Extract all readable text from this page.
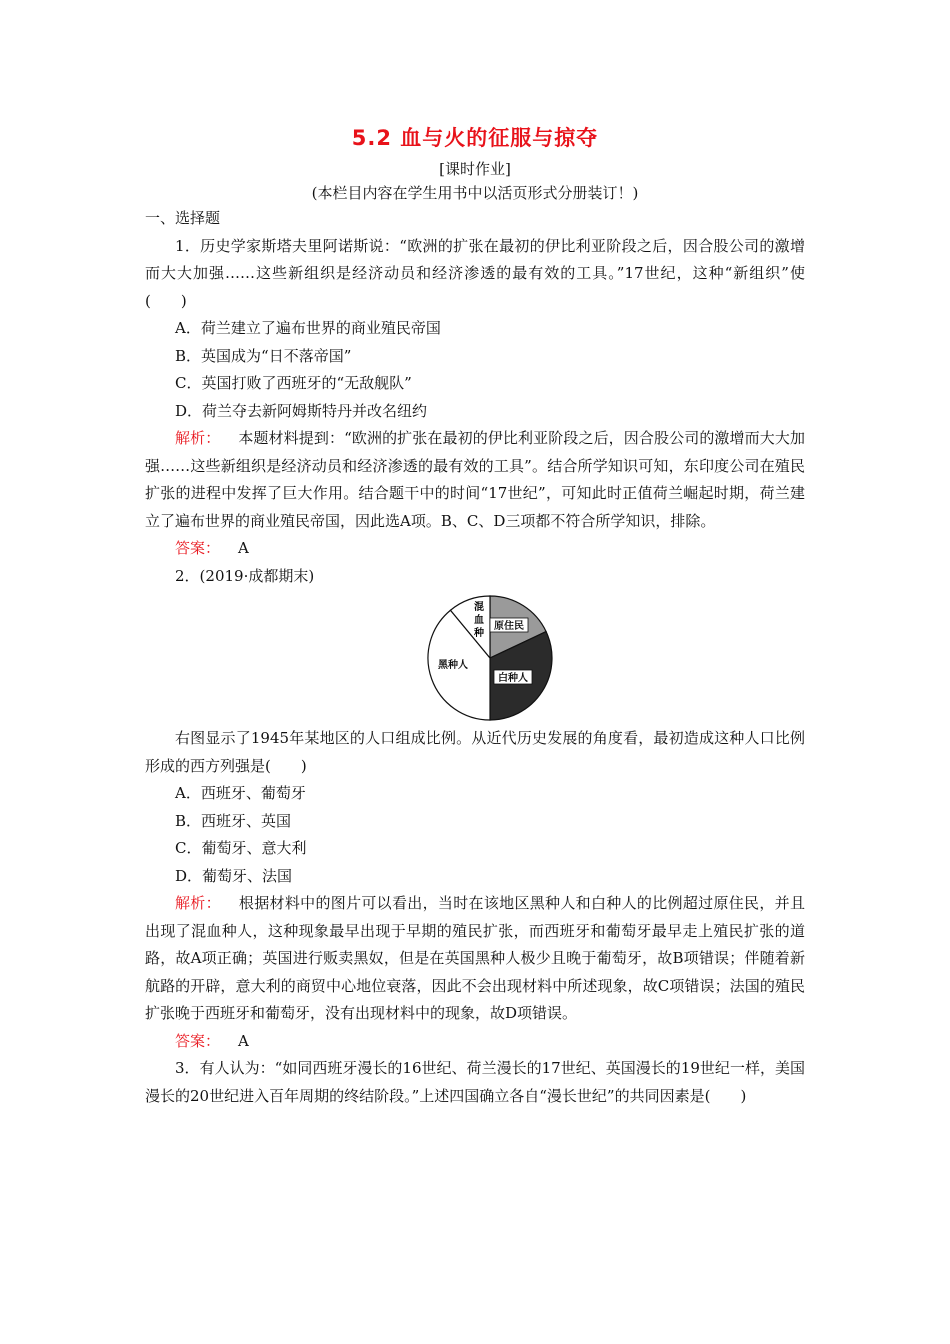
5.2 血与火的征服与掠夺
[课时作业]
(本栏目内容在学生用书中以活页形式分册装订！)
一、选择题
1．历史学家斯塔夫里阿诺斯说：“欧洲的扩张在最初的伊比利亚阶段之后，因合股公司的激增而大大加强……这些新组织是经济动员和经济渗透的最有效的工具。”17世纪，这种“新组织”使(　　)
A．荷兰建立了遍布世界的商业殖民帝国
B．英国成为“日不落帝国”
C．英国打败了西班牙的“无敌舰队”
D．荷兰夺去新阿姆斯特丹并改名纽约
解析： 本题材料提到：“欧洲的扩张在最初的伊比利亚阶段之后，因合股公司的激增而大大加强……这些新组织是经济动员和经济渗透的最有效的工具”。结合所学知识可知，东印度公司在殖民扩张的进程中发挥了巨大作用。结合题干中的时间“17世纪”，可知此时正值荷兰崛起时期，荷兰建立了遍布世界的商业殖民帝国，因此选A项。B、C、D三项都不符合所学知识，排除。
答案： A
2．(2019·成都期末)
原住民
白种人
黑种人
混
血
种
右图显示了1945年某地区的人口组成比例。从近代历史发展的角度看，最初造成这种人口比例形成的西方列强是(　　)
A．西班牙、葡萄牙
B．西班牙、英国
C．葡萄牙、意大利
D．葡萄牙、法国
解析： 根据材料中的图片可以看出，当时在该地区黑种人和白种人的比例超过原住民，并且出现了混血种人，这种现象最早出现于早期的殖民扩张，而西班牙和葡萄牙最早走上殖民扩张的道路，故A项正确；英国进行贩卖黑奴，但是在英国黑种人极少且晚于葡萄牙，故B项错误；伴随着新航路的开辟，意大利的商贸中心地位衰落，因此不会出现材料中所述现象，故C项错误；法国的殖民扩张晚于西班牙和葡萄牙，没有出现材料中的现象，故D项错误。
答案： A
3．有人认为：“如同西班牙漫长的16世纪、荷兰漫长的17世纪、英国漫长的19世纪一样，美国漫长的20世纪进入百年周期的终结阶段。”上述四国确立各自“漫长世纪”的共同因素是(　　)
